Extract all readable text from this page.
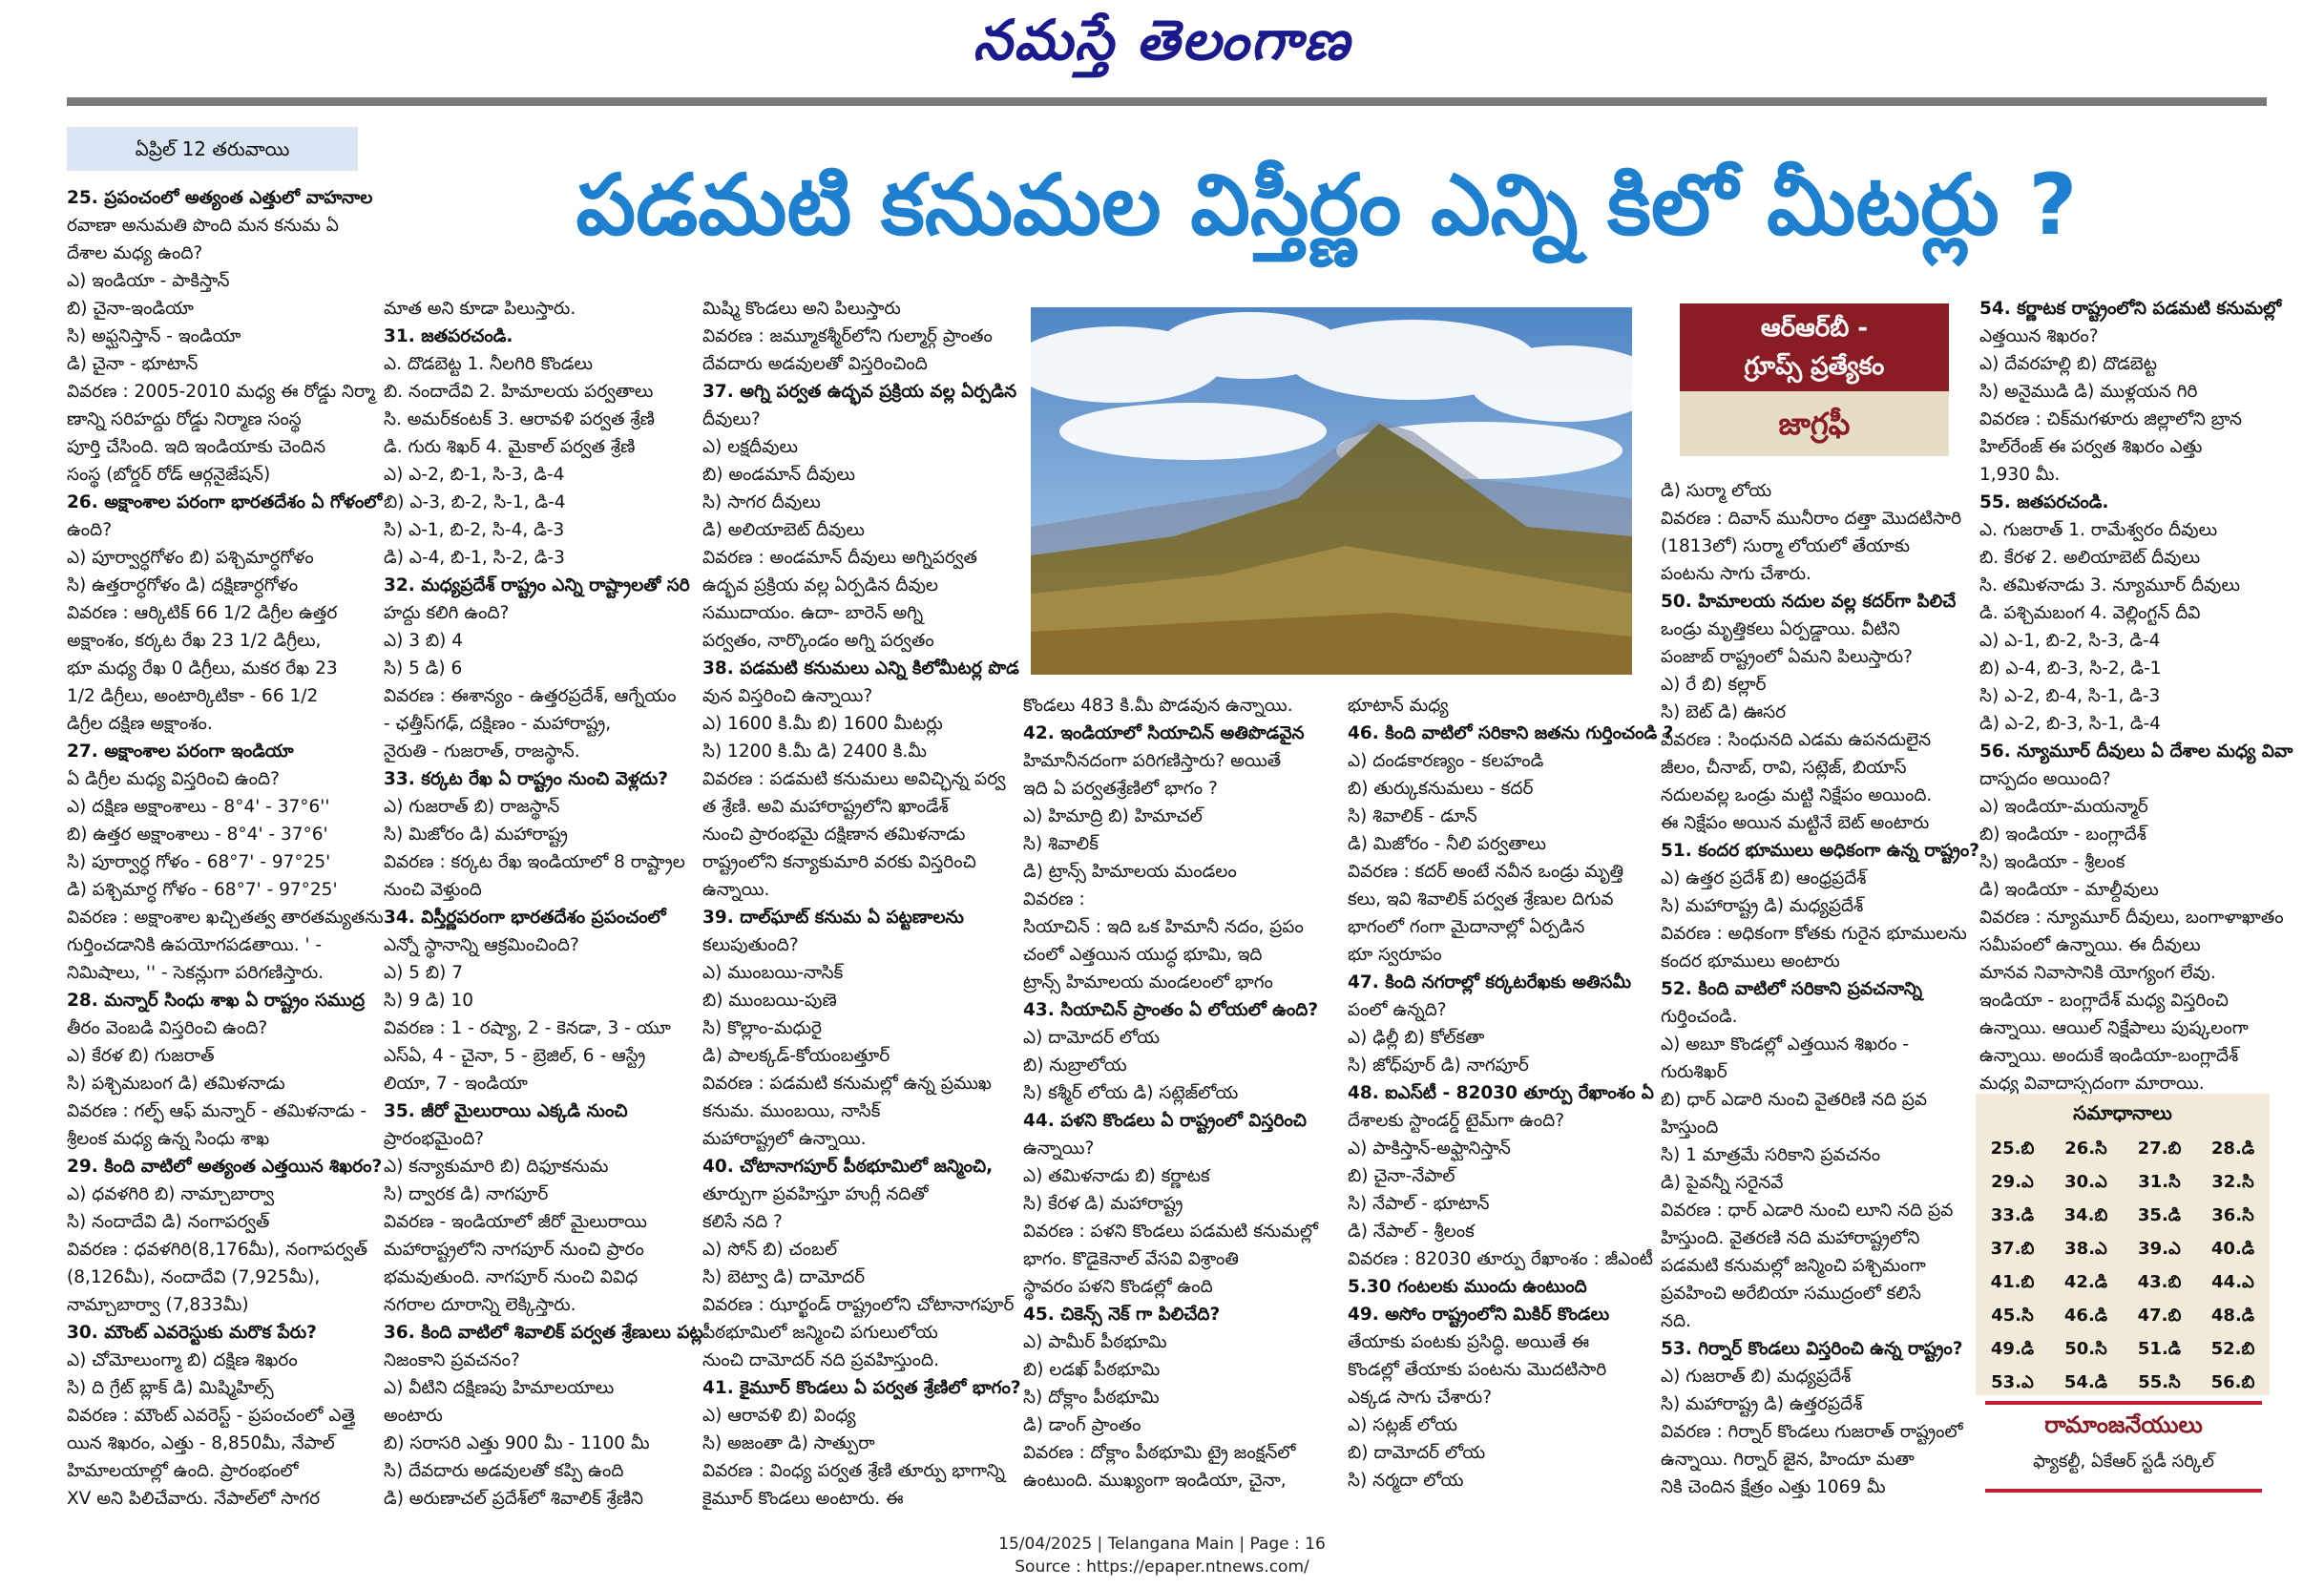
నమస్తే తెలంగాణ
ఏప్రిల్ 12 తరువాయి
పడమటి కనుమల విస్తీర్ణం ఎన్ని కిలో మీటర్లు ?
25. ప్రపంచంలో అత్యంత ఎత్తులో వాహనాల
రవాణా అనుమతి పొంది మన కనుమ ఏ
దేశాల మధ్య ఉంది?
ఎ) ఇండియా - పాకిస్తాన్
బి) చైనా-ఇండియా
సి) అఫ్ఘనిస్తాన్ - ఇండియా
డి) చైనా - భూటాన్
వివరణ : 2005-2010 మధ్య ఈ రోడ్డు నిర్మా
ణాన్ని సరిహద్దు రోడ్డు నిర్మాణ సంస్థ
పూర్తి చేసింది. ఇది ఇండియాకు చెందిన
సంస్థ (బోర్డర్ రోడ్ ఆర్గనైజేషన్)
26. అక్షాంశాల పరంగా భారతదేశం ఏ గోళంలో
ఉంది?
ఎ) పూర్వార్ధగోళం బి) పశ్చిమార్ధగోళం
సి) ఉత్తరార్ధగోళం డి) దక్షిణార్ధగోళం
వివరణ : ఆర్కిటిక్ 66 1/2 డిగ్రీల ఉత్తర
అక్షాంశం, కర్కట రేఖ 23 1/2 డిగ్రీలు,
భూ మధ్య రేఖ 0 డిగ్రీలు, మకర రేఖ 23
1/2 డిగ్రీలు, అంటార్కిటికా - 66 1/2
డిగ్రీల దక్షిణ అక్షాంశం.
27. అక్షాంశాల పరంగా ఇండియా
ఏ డిగ్రీల మధ్య విస్తరించి ఉంది?
ఎ) దక్షిణ అక్షాంశాలు - 8°4' - 37°6''
బి) ఉత్తర అక్షాంశాలు - 8°4' - 37°6'
సి) పూర్వార్ధ గోళం - 68°7' - 97°25'
డి) పశ్చిమార్ధ గోళం - 68°7' - 97°25'
వివరణ : అక్షాంశాల ఖచ్చితత్వ తారతమ్యతను
గుర్తించడానికి ఉపయోగపడతాయి. ' -
నిమిషాలు, '' - సెకన్లుగా పరిగణిస్తారు.
28. మన్నార్ సింధు శాఖ ఏ రాష్ట్రం సముద్ర
తీరం వెంబడి విస్తరించి ఉంది?
ఎ) కేరళ బి) గుజరాత్
సి) పశ్చిమబంగ డి) తమిళనాడు
వివరణ : గల్ఫ్ ఆఫ్ మన్నార్ - తమిళనాడు -
శ్రీలంక మధ్య ఉన్న సింధు శాఖ
29. కింది వాటిలో అత్యంత ఎత్తయిన శిఖరం?
ఎ) ధవళగిరి బి) నామ్చాబార్వా
సి) నందాదేవి డి) నంగాపర్వత్
వివరణ : ధవళగిరి(8,176మీ), నంగాపర్వత్
(8,126మీ), నందాదేవి (7,925మీ),
నామ్చాబార్వా (7,833మీ)
30. మౌంట్ ఎవరెస్టుకు మరొక పేరు?
ఎ) చోమోలుంగ్మా బి) దక్షిణ శిఖరం
సి) ది గ్రేట్ బ్లాక్ డి) మిష్మిహిల్స్
వివరణ : మౌంట్ ఎవరెస్ట్ - ప్రపంచంలో ఎత్తై
యిన శిఖరం, ఎత్తు - 8,850మీ, నేపాల్
హిమాలయాల్లో ఉంది. ప్రారంభంలో
XV అని పిలిచేవారు. నేపాల్‌లో సాగర
మాత అని కూడా పిలుస్తారు.
31. జతపరచండి.
ఎ. దొడబెట్ట 1. నీలగిరి కొండలు
బి. నందాదేవి 2. హిమాలయ పర్వతాలు
సి. అమర్‌కంటక్ 3. ఆరావళి పర్వత శ్రేణి
డి. గురు శిఖర్ 4. మైకాల్ పర్వత శ్రేణి
ఎ) ఎ-2, బి-1, సి-3, డి-4
బి) ఎ-3, బి-2, సి-1, డి-4
సి) ఎ-1, బి-2, సి-4, డి-3
డి) ఎ-4, బి-1, సి-2, డి-3
32. మధ్యప్రదేశ్ రాష్ట్రం ఎన్ని రాష్ట్రాలతో సరి
హద్దు కలిగి ఉంది?
ఎ) 3 బి) 4
సి) 5 డి) 6
వివరణ : ఈశాన్యం - ఉత్తరప్రదేశ్, ఆగ్నేయం
- ఛత్తీస్‌గఢ్, దక్షిణం - మహారాష్ట్ర,
నైరుతి - గుజరాత్, రాజస్థాన్.
33. కర్కట రేఖ ఏ రాష్ట్రం నుంచి వెళ్లదు?
ఎ) గుజరాత్ బి) రాజస్థాన్
సి) మిజోరం డి) మహారాష్ట్ర
వివరణ : కర్కట రేఖ ఇండియాలో 8 రాష్ట్రాల
నుంచి వెళ్తుంది
34. విస్తీర్ణపరంగా భారతదేశం ప్రపంచంలో
ఎన్నో స్థానాన్ని ఆక్రమించింది?
ఎ) 5 బి) 7
సి) 9 డి) 10
వివరణ : 1 - రష్యా, 2 - కెనడా, 3 - యూ
ఎస్ఏ, 4 - చైనా, 5 - బ్రెజిల్, 6 - ఆస్ట్రే
లియా, 7 - ఇండియా
35. జీరో మైలురాయి ఎక్కడి నుంచి
ప్రారంభమైంది?
ఎ) కన్యాకుమారి బి) దిఫూకనుమ
సి) ద్వారక డి) నాగపూర్
వివరణ - ఇండియాలో జీరో మైలురాయి
మహారాష్ట్రలోని నాగపూర్ నుంచి ప్రారం
భమవుతుంది. నాగపూర్ నుంచి వివిధ
నగరాల దూరాన్ని లెక్కిస్తారు.
36. కింది వాటిలో శివాలిక్ పర్వత శ్రేణులు పట్ల
నిజంకాని ప్రవచనం?
ఎ) వీటిని దక్షిణపు హిమాలయాలు
అంటారు
బి) సరాసరి ఎత్తు 900 మీ - 1100 మీ
సి) దేవదారు అడవులతో కప్పి ఉంది
డి) అరుణాచల్ ప్రదేశ్‌లో శివాలిక్ శ్రేణిని
మిష్మి కొండలు అని పిలుస్తారు
వివరణ : జమ్మూకశ్మీర్‌లోని గుల్మార్గ్ ప్రాంతం
దేవదారు అడవులతో విస్తరించింది
37. అగ్ని పర్వత ఉద్భవ ప్రక్రియ వల్ల ఏర్పడిన
దీవులు?
ఎ) లక్షదీవులు
బి) అండమాన్ దీవులు
సి) సాగర దీవులు
డి) అలియాబెట్ దీవులు
వివరణ : అండమాన్ దీవులు అగ్నిపర్వత
ఉద్భవ ప్రక్రియ వల్ల ఏర్పడిన దీవుల
సముదాయం. ఉదా- బారెన్ అగ్ని
పర్వతం, నార్కొండం అగ్ని పర్వతం
38. పడమటి కనుమలు ఎన్ని కిలోమీటర్ల పొడ
వున విస్తరించి ఉన్నాయి?
ఎ) 1600 కి.మీ బి) 1600 మీటర్లు
సి) 1200 కి.మీ డి) 2400 కి.మీ
వివరణ : పడమటి కనుమలు అవిచ్ఛిన్న పర్వ
త శ్రేణి. అవి మహారాష్ట్రలోని ఖాండేశ్
నుంచి ప్రారంభమై దక్షిణాన తమిళనాడు
రాష్ట్రంలోని కన్యాకుమారి వరకు విస్తరించి
ఉన్నాయి.
39. దాల్‌ఘాట్ కనుమ ఏ పట్టణాలను
కలుపుతుంది?
ఎ) ముంబయి-నాసిక్
బి) ముంబయి-పుణె
సి) కొల్లాం-మధురై
డి) పాలక్కడ్-కోయంబత్తూర్
వివరణ : పడమటి కనుమల్లో ఉన్న ప్రముఖ
కనుమ. ముంబయి, నాసిక్
మహారాష్ట్రలో ఉన్నాయి.
40. చోటానాగపూర్ పీఠభూమిలో జన్మించి,
తూర్పుగా ప్రవహిస్తూ హుగ్లీ నదితో
కలిసే నది ?
ఎ) సోన్ బి) చంబల్
సి) బెట్వా డి) దామోదర్
వివరణ : ఝార్ఖండ్ రాష్ట్రంలోని చోటానాగపూర్
పీఠభూమిలో జన్మించి పగులులోయ
నుంచి దామోదర్ నది ప్రవహిస్తుంది.
41. కైమూర్ కొండలు ఏ పర్వత శ్రేణిలో భాగం?
ఎ) ఆరావళి బి) వింధ్య
సి) అజంతా డి) సాత్పురా
వివరణ : వింధ్య పర్వత శ్రేణి తూర్పు భాగాన్ని
కైమూర్ కొండలు అంటారు. ఈ
కొండలు 483 కి.మీ పొడవున ఉన్నాయి.
42. ఇండియాలో సియాచిన్ అతిపొడవైన
హిమానీనదంగా పరిగణిస్తారు? అయితే
ఇది ఏ పర్వతశ్రేణిలో భాగం ?
ఎ) హిమాద్రి బి) హిమాచల్
సి) శివాలిక్
డి) ట్రాన్స్ హిమాలయ మండలం
వివరణ :
సియాచిన్ : ఇది ఒక హిమానీ నదం, ప్రపం
చంలో ఎత్తయిన యుద్ధ భూమి, ఇది
ట్రాన్స్ హిమాలయ మండలంలో భాగం
43. సియాచిన్ ప్రాంతం ఏ లోయలో ఉంది?
ఎ) దామోదర్ లోయ
బి) నుబ్రాలోయ
సి) కశ్మీర్ లోయ డి) సట్లెజ్‌లోయ
44. పళని కొండలు ఏ రాష్ట్రంలో విస్తరించి
ఉన్నాయి?
ఎ) తమిళనాడు బి) కర్ణాటక
సి) కేరళ డి) మహారాష్ట్ర
వివరణ : పళని కొండలు పడమటి కనుమల్లో
భాగం. కొడైకెనాల్ వేసవి విశ్రాంతి
స్థావరం పళని కొండల్లో ఉంది
45. చికెన్స్ నెక్ గా పిలిచేది?
ఎ) పామీర్ పీఠభూమి
బి) లడఖ్ పీఠభూమి
సి) దోక్లాం పీఠభూమి
డి) డాంగ్ ప్రాంతం
వివరణ : దోక్లాం పీఠభూమి ట్రై జంక్షన్‌లో
ఉంటుంది. ముఖ్యంగా ఇండియా, చైనా,
భూటాన్ మధ్య
46. కింది వాటిలో సరికాని జతను గుర్తించండి ?
ఎ) దండకారణ్యం - కలహండి
బి) తుర్కుకనుమలు - కదర్
సి) శివాలిక్ - డూన్
డి) మిజోరం - నీలి పర్వతాలు
వివరణ : కదర్ అంటే నవీన ఒండ్రు మృత్తి
కలు, ఇవి శివాలిక్ పర్వత శ్రేణుల దిగువ
భాగంలో గంగా మైదానాల్లో ఏర్పడిన
భూ స్వరూపం
47. కింది నగరాల్లో కర్కటరేఖకు అతిసమీ
పంలో ఉన్నది?
ఎ) ఢిల్లీ బి) కోల్‌కతా
సి) జోధ్‌పూర్ డి) నాగపూర్
48. ఐఎస్‌టీ - 82030 తూర్పు రేఖాంశం ఏ
దేశాలకు స్టాండర్డ్ టైమ్‌గా ఉంది?
ఎ) పాకిస్తాన్-అఫ్ఘానిస్తాన్
బి) చైనా-నేపాల్
సి) నేపాల్ - భూటాన్
డి) నేపాల్ - శ్రీలంక
వివరణ : 82030 తూర్పు రేఖాంశం : జీఎంటీ
5.30 గంటలకు ముందు ఉంటుంది
49. అసోం రాష్ట్రంలోని మికిర్ కొండలు
తేయాకు పంటకు ప్రసిద్ధి. అయితే ఈ
కొండల్లో తేయాకు పంటను మొదటిసారి
ఎక్కడ సాగు చేశారు?
ఎ) సట్లజ్ లోయ
బి) దామోదర్ లోయ
సి) నర్మదా లోయ
డి) సుర్మా లోయ
వివరణ : దివాన్ మునీరాం దత్తా మొదటిసారి
(1813లో) సుర్మా లోయలో తేయాకు
పంటను సాగు చేశారు.
50. హిమాలయ నదుల వల్ల కదర్‌గా పిలిచే
ఒండ్రు మృత్తికలు ఏర్పడ్డాయి. వీటిని
పంజాబ్ రాష్ట్రంలో ఏమని పిలుస్తారు?
ఎ) రే బి) కల్లార్
సి) బెట్ డి) ఊసర
వివరణ : సింధునది ఎడమ ఉపనదులైన
జీలం, చీనాబ్, రావి, సట్లెజ్, బియాస్
నదులవల్ల ఒండ్రు మట్టి నిక్షేపం అయింది.
ఈ నిక్షేపం అయిన మట్టినే బెట్ అంటారు
51. కందర భూములు అధికంగా ఉన్న రాష్ట్రం?
ఎ) ఉత్తర ప్రదేశ్ బి) ఆంధ్రప్రదేశ్
సి) మహారాష్ట్ర డి) మధ్యప్రదేశ్
వివరణ : అధికంగా కోతకు గురైన భూములను
కందర భూములు అంటారు
52. కింది వాటిలో సరికాని ప్రవచనాన్ని
గుర్తించండి.
ఎ) అబూ కొండల్లో ఎత్తయిన శిఖరం -
గురుశిఖర్
బి) ధార్ ఎడారి నుంచి వైతరిణి నది ప్రవ
హిస్తుంది
సి) 1 మాత్రమే సరికాని ప్రవచనం
డి) పైవన్నీ సరైనవే
వివరణ : ధార్ ఎడారి నుంచి లూని నది ప్రవ
హిస్తుంది. వైతరణి నది మహారాష్ట్రలోని
పడమటి కనుమల్లో జన్మించి పశ్చిమంగా
ప్రవహించి అరేబియా సముద్రంలో కలిసే
నది.
53. గిర్నార్ కొండలు విస్తరించి ఉన్న రాష్ట్రం?
ఎ) గుజరాత్ బి) మధ్యప్రదేశ్
సి) మహారాష్ట్ర డి) ఉత్తరప్రదేశ్
వివరణ : గిర్నార్ కొండలు గుజరాత్ రాష్ట్రంలో
ఉన్నాయి. గిర్నార్ జైన, హిందూ మతా
నికి చెందిన క్షేత్రం ఎత్తు 1069 మీ
54. కర్ణాటక రాష్ట్రంలోని పడమటి కనుమల్లో
ఎత్తయిన శిఖరం?
ఎ) దేవరహల్లి బి) దొడబెట్ట
సి) అనైముడి డి) ముళ్లయన గిరి
వివరణ : చిక్‌మగళూరు జిల్లాలోని బ్రాన
హిల్‌రేంజ్ ఈ పర్వత శిఖరం ఎత్తు
1,930 మీ.
55. జతపరచండి.
ఎ. గుజరాత్ 1. రామేశ్వరం దీవులు
బి. కేరళ 2. అలియాబెట్ దీవులు
సి. తమిళనాడు 3. న్యూమూర్ దీవులు
డి. పశ్చిమబంగ 4. వెల్లింగ్టన్ దీవి
ఎ) ఎ-1, బి-2, సి-3, డి-4
బి) ఎ-4, బి-3, సి-2, డి-1
సి) ఎ-2, బి-4, సి-1, డి-3
డి) ఎ-2, బి-3, సి-1, డి-4
56. న్యూమూర్ దీవులు ఏ దేశాల మధ్య వివా
దాస్పదం అయింది?
ఎ) ఇండియా-మయన్మార్
బి) ఇండియా - బంగ్లాదేశ్
సి) ఇండియా - శ్రీలంక
డి) ఇండియా - మాల్దీవులు
వివరణ : న్యూమూర్ దీవులు, బంగాళాఖాతం
సమీపంలో ఉన్నాయి. ఈ దీవులు
మానవ నివాసానికి యోగ్యంగ లేవు.
ఇండియా - బంగ్లాదేశ్ మధ్య విస్తరించి
ఉన్నాయి. ఆయిల్ నిక్షేపాలు పుష్కలంగా
ఉన్నాయి. అందుకే ఇండియా-బంగ్లాదేశ్
మధ్య వివాదాస్పదంగా మారాయి.
ఆర్ఆర్‌బీ -
గ్రూప్స్ ప్రత్యేకం
జాగ్రఫీ
సమాధానాలు
25.బి	26.సి	27.బి	28.డి
29.ఎ	30.ఎ	31.సి	32.సి
33.డి	34.బి	35.డి	36.సి
37.బి	38.ఎ	39.ఎ	40.డి
41.బి	42.డి	43.బి	44.ఎ
45.సి	46.డి	47.బి	48.డి
49.డి	50.సి	51.డి	52.బి
53.ఎ	54.డి	55.సి	56.బి
రామాంజనేయులు
ఫ్యాకల్టీ, ఏకేఆర్ స్టడీ సర్కిల్
15/04/2025 | Telangana Main | Page : 16
Source : https://epaper.ntnews.com/
